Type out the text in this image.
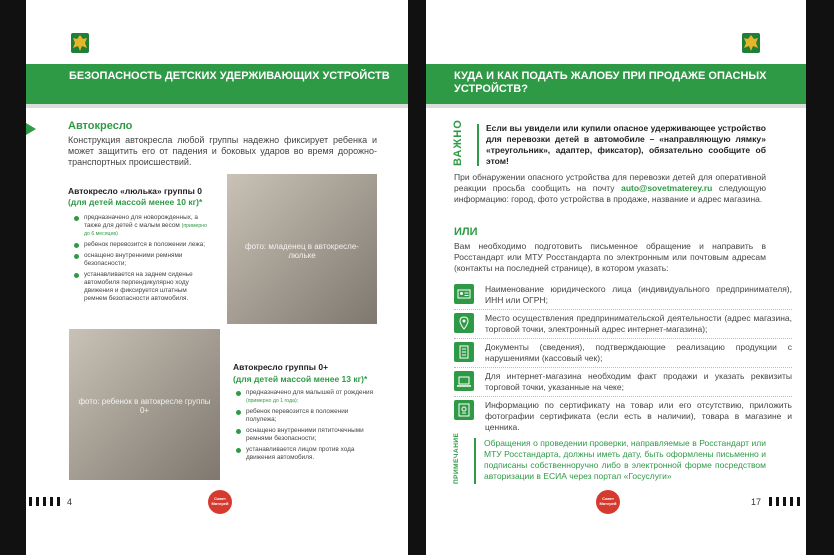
БЕЗОПАСНОСТЬ ДЕТСКИХ УДЕРЖИВАЮЩИХ УСТРОЙСТВ
Автокресло
Конструкция автокресла любой группы надежно фиксирует ребенка и может защитить его от падения и боковых ударов во время дорожно-транспортных происшествий.
Автокресло «люлька» группы 0
(для детей массой менее 10 кг)*
предназначено для новорожденных, а также для детей с малым весом (примерно до 6 месяцев)
ребенок перевозится в положении лежа;
оснащено внутренними ремнями безопасности;
устанавливается на заднем сиденье автомобиля перпендикулярно ходу движения и фиксируется штатным ремнем безопасности автомобиля.
фото: младенец в автокресле-люльке
фото: ребенок в автокресле группы 0+
Автокресло группы 0+
(для детей массой менее 13 кг)*
предназначено для малышей от рождения (примерно до 1 года);
ребенок перевозится в положении полулежа;
оснащено внутренними пятиточечными ремнями безопасности;
устанавливается лицом против хода движения автомобиля.
4	Совет Матерей
КУДА И КАК ПОДАТЬ ЖАЛОБУ ПРИ ПРОДАЖЕ ОПАСНЫХ УСТРОЙСТВ?
ВАЖНО	Если вы увидели или купили опасное удерживающее устройство для перевозки детей в автомобиле – «направляющую лямку» «треугольник», адаптер, фиксатор), обязательно сообщите об этом!
При обнаружении опасного устройства для перевозки детей для оперативной реакции просьба сообщить на почту auto@sovetmaterey.ru следующую информацию: город, фото устройства в продаже, название и адрес магазина.
ИЛИ
Вам необходимо подготовить письменное обращение и направить в Росстандарт или МТУ Росстандарта по электронным или почтовым адресам (контакты на последней странице), в котором указать:
Наименование юридического лица (индивидуального предпринимателя), ИНН или ОГРН;
Место осуществления предпринимательской деятельности (адрес магазина, торговой точки, электронный адрес интернет-магазина);
Документы (сведения), подтверждающие реализацию продукции с нарушениями (кассовый чек);
Для интернет-магазина необходим факт продажи и указать реквизиты торговой точки, указанные на чеке;
Информацию по сертификату на товар или его отсутствию, приложить фотографии сертификата (если есть в наличии), товара в магазине и ценника.
ПРИМЕЧАНИЕ	Обращения о проведении проверки, направляемые в Росстандарт или МТУ Росстандарта, должны иметь дату, быть оформлены письменно и подписаны собственноручно либо в электронной форме посредством авторизации в ЕСИА через портал «Госуслуги»
Совет Матерей	17
